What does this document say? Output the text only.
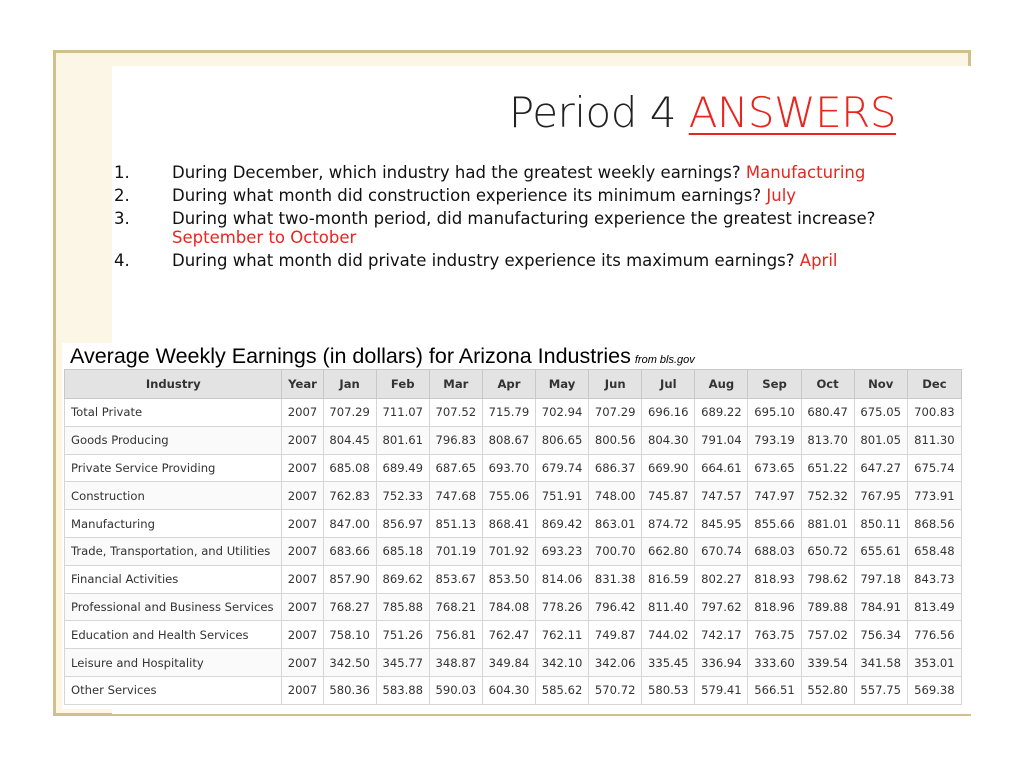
Period 4 ANSWERS
1.	During December, which industry had the greatest weekly earnings? Manufacturing
2.	During what month did construction experience its minimum earnings? July
3.	During what two-month period, did manufacturing experience the greatest increase? September to October
4.	During what month did private industry experience its maximum earnings? April
Average Weekly Earnings (in dollars) for Arizona Industries from bls.gov
Industry	Year	Jan	Feb	Mar	Apr	May	Jun	Jul	Aug	Sep	Oct	Nov	Dec
Total Private	2007	707.29	711.07	707.52	715.79	702.94	707.29	696.16	689.22	695.10	680.47	675.05	700.83
Goods Producing	2007	804.45	801.61	796.83	808.67	806.65	800.56	804.30	791.04	793.19	813.70	801.05	811.30
Private Service Providing	2007	685.08	689.49	687.65	693.70	679.74	686.37	669.90	664.61	673.65	651.22	647.27	675.74
Construction	2007	762.83	752.33	747.68	755.06	751.91	748.00	745.87	747.57	747.97	752.32	767.95	773.91
Manufacturing	2007	847.00	856.97	851.13	868.41	869.42	863.01	874.72	845.95	855.66	881.01	850.11	868.56
Trade, Transportation, and Utilities	2007	683.66	685.18	701.19	701.92	693.23	700.70	662.80	670.74	688.03	650.72	655.61	658.48
Financial Activities	2007	857.90	869.62	853.67	853.50	814.06	831.38	816.59	802.27	818.93	798.62	797.18	843.73
Professional and Business Services	2007	768.27	785.88	768.21	784.08	778.26	796.42	811.40	797.62	818.96	789.88	784.91	813.49
Education and Health Services	2007	758.10	751.26	756.81	762.47	762.11	749.87	744.02	742.17	763.75	757.02	756.34	776.56
Leisure and Hospitality	2007	342.50	345.77	348.87	349.84	342.10	342.06	335.45	336.94	333.60	339.54	341.58	353.01
Other Services	2007	580.36	583.88	590.03	604.30	585.62	570.72	580.53	579.41	566.51	552.80	557.75	569.38
